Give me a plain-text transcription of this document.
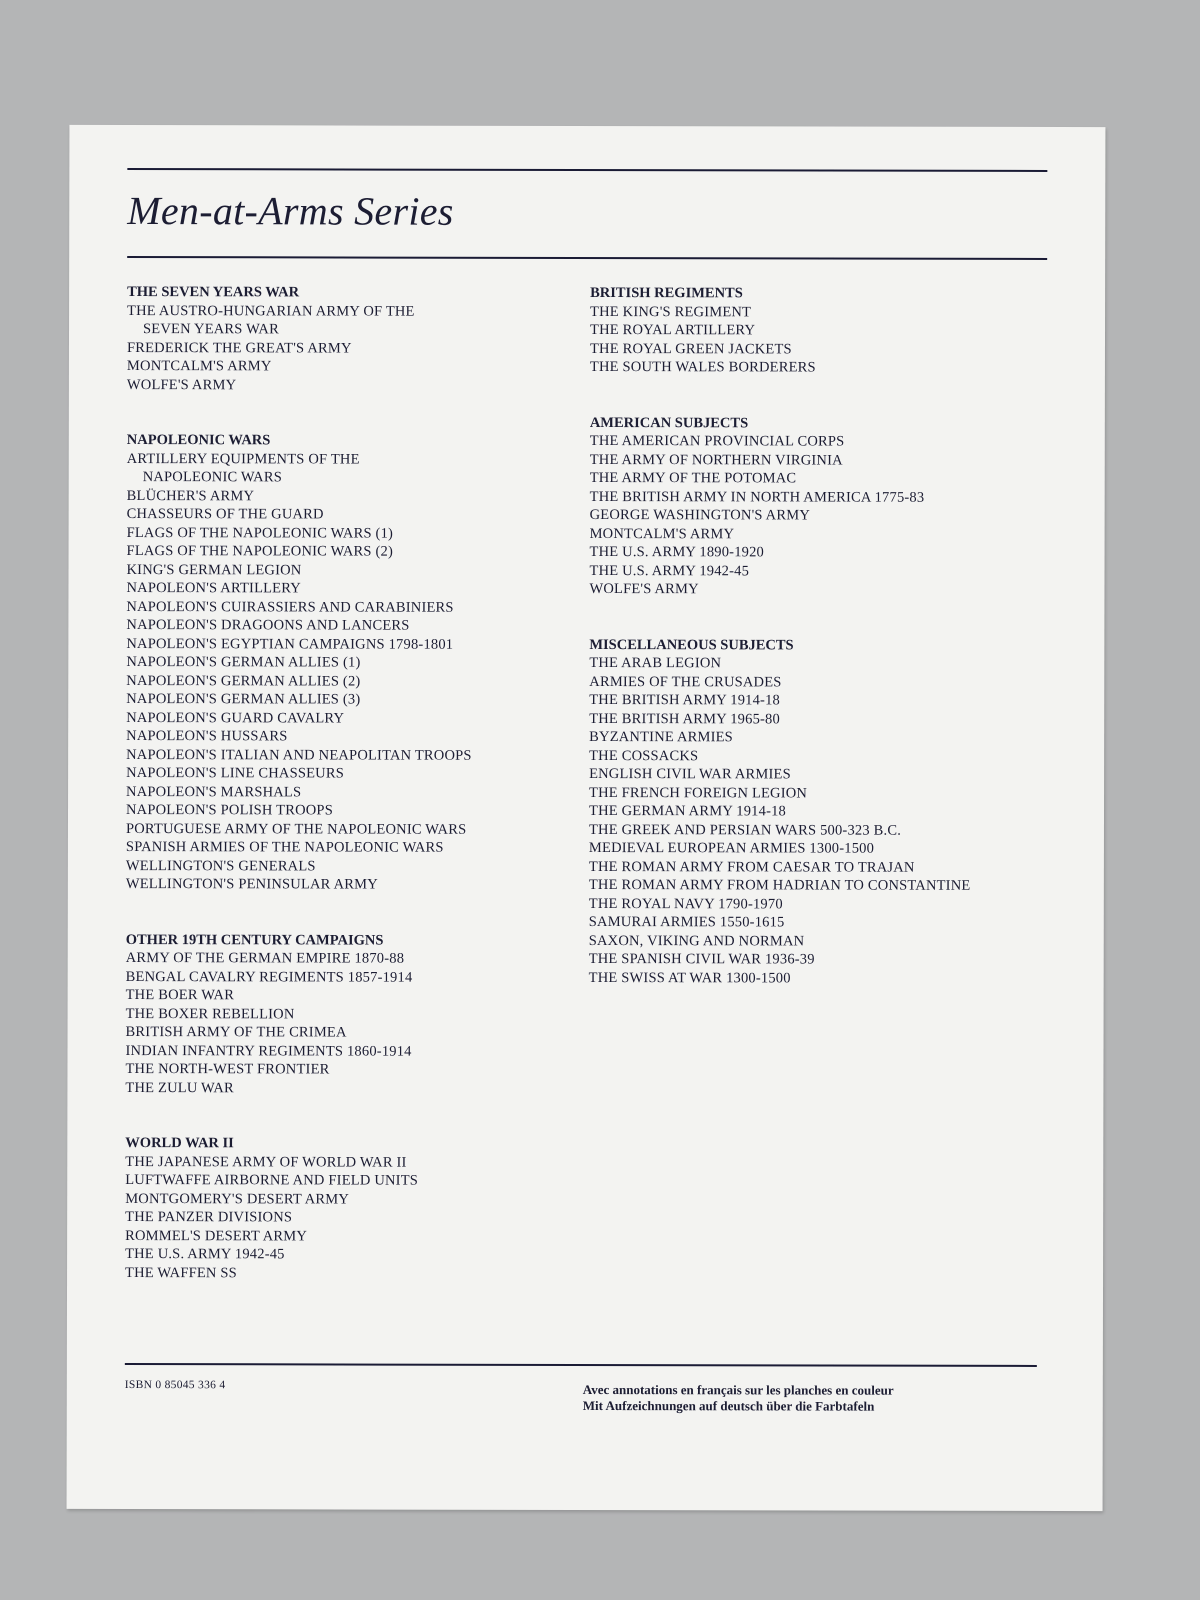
Men-at-Arms Series
THE SEVEN YEARS WAR
THE AUSTRO-HUNGARIAN ARMY OF THE
SEVEN YEARS WAR
FREDERICK THE GREAT'S ARMY
MONTCALM'S ARMY
WOLFE'S ARMY
NAPOLEONIC WARS
ARTILLERY EQUIPMENTS OF THE
NAPOLEONIC WARS
BLÜCHER'S ARMY
CHASSEURS OF THE GUARD
FLAGS OF THE NAPOLEONIC WARS (1)
FLAGS OF THE NAPOLEONIC WARS (2)
KING'S GERMAN LEGION
NAPOLEON'S ARTILLERY
NAPOLEON'S CUIRASSIERS AND CARABINIERS
NAPOLEON'S DRAGOONS AND LANCERS
NAPOLEON'S EGYPTIAN CAMPAIGNS 1798-1801
NAPOLEON'S GERMAN ALLIES (1)
NAPOLEON'S GERMAN ALLIES (2)
NAPOLEON'S GERMAN ALLIES (3)
NAPOLEON'S GUARD CAVALRY
NAPOLEON'S HUSSARS
NAPOLEON'S ITALIAN AND NEAPOLITAN TROOPS
NAPOLEON'S LINE CHASSEURS
NAPOLEON'S MARSHALS
NAPOLEON'S POLISH TROOPS
PORTUGUESE ARMY OF THE NAPOLEONIC WARS
SPANISH ARMIES OF THE NAPOLEONIC WARS
WELLINGTON'S GENERALS
WELLINGTON'S PENINSULAR ARMY
OTHER 19TH CENTURY CAMPAIGNS
ARMY OF THE GERMAN EMPIRE 1870-88
BENGAL CAVALRY REGIMENTS 1857-1914
THE BOER WAR
THE BOXER REBELLION
BRITISH ARMY OF THE CRIMEA
INDIAN INFANTRY REGIMENTS 1860-1914
THE NORTH-WEST FRONTIER
THE ZULU WAR
WORLD WAR II
THE JAPANESE ARMY OF WORLD WAR II
LUFTWAFFE AIRBORNE AND FIELD UNITS
MONTGOMERY'S DESERT ARMY
THE PANZER DIVISIONS
ROMMEL'S DESERT ARMY
THE U.S. ARMY 1942-45
THE WAFFEN SS
BRITISH REGIMENTS
THE KING'S REGIMENT
THE ROYAL ARTILLERY
THE ROYAL GREEN JACKETS
THE SOUTH WALES BORDERERS
AMERICAN SUBJECTS
THE AMERICAN PROVINCIAL CORPS
THE ARMY OF NORTHERN VIRGINIA
THE ARMY OF THE POTOMAC
THE BRITISH ARMY IN NORTH AMERICA 1775-83
GEORGE WASHINGTON'S ARMY
MONTCALM'S ARMY
THE U.S. ARMY 1890-1920
THE U.S. ARMY 1942-45
WOLFE'S ARMY
MISCELLANEOUS SUBJECTS
THE ARAB LEGION
ARMIES OF THE CRUSADES
THE BRITISH ARMY 1914-18
THE BRITISH ARMY 1965-80
BYZANTINE ARMIES
THE COSSACKS
ENGLISH CIVIL WAR ARMIES
THE FRENCH FOREIGN LEGION
THE GERMAN ARMY 1914-18
THE GREEK AND PERSIAN WARS 500-323 B.C.
MEDIEVAL EUROPEAN ARMIES 1300-1500
THE ROMAN ARMY FROM CAESAR TO TRAJAN
THE ROMAN ARMY FROM HADRIAN TO CONSTANTINE
THE ROYAL NAVY 1790-1970
SAMURAI ARMIES 1550-1615
SAXON, VIKING AND NORMAN
THE SPANISH CIVIL WAR 1936-39
THE SWISS AT WAR 1300-1500
ISBN 0 85045 336 4	Avec annotations en français sur les planches en couleur
Mit Aufzeichnungen auf deutsch über die Farbtafeln
